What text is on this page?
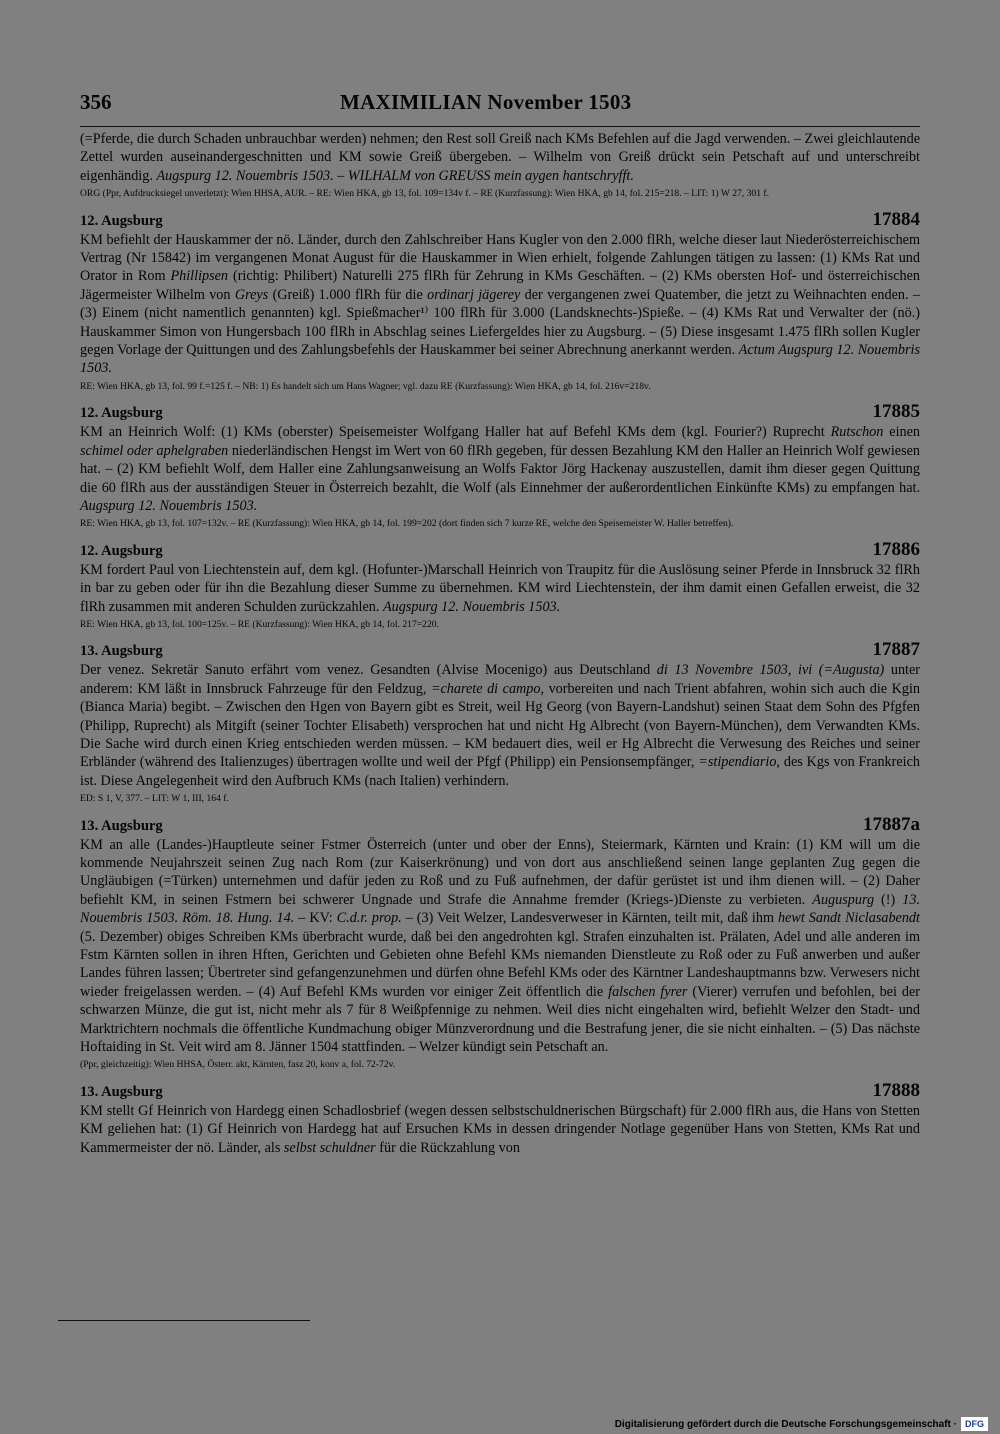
356	MAXIMILIAN November 1503

(=Pferde, die durch Schaden unbrauchbar werden) nehmen; den Rest soll Greiß nach KMs Befehlen auf die Jagd verwenden. – Zwei gleichlautende Zettel wurden auseinandergeschnitten und KM sowie Greiß übergeben. – Wilhelm von Greiß drückt sein Petschaft auf und unterschreibt eigenhändig. Augspurg 12. Nouembris 1503. – WILHALM von GREUSS mein aygen hantschryfft.

ORG (Ppr, Aufdrucksiegel unverletzt): Wien HHSA, AUR. – RE: Wien HKA, gb 13, fol. 109=134v f. – RE (Kurzfassung): Wien HKA, gb 14, fol. 215=218. – LIT: 1) W 27, 301 f.

12. Augsburg	17884

KM befiehlt der Hauskammer der nö. Länder, durch den Zahlschreiber Hans Kugler von den 2.000 flRh, welche dieser laut Niederösterreichischem Vertrag (Nr 15842) im vergangenen Monat August für die Hauskammer in Wien erhielt, folgende Zahlungen tätigen zu lassen: (1) KMs Rat und Orator in Rom Phillipsen (richtig: Philibert) Naturelli 275 flRh für Zehrung in KMs Geschäften. – (2) KMs obersten Hof- und österreichischen Jägermeister Wilhelm von Greys (Greiß) 1.000 flRh für die ordinarj jägerey der vergangenen zwei Quatember, die jetzt zu Weihnachten enden. – (3) Einem (nicht namentlich genannten) kgl. Spießmacher¹⁾ 100 flRh für 3.000 (Landsknechts-)Spieße. – (4) KMs Rat und Verwalter der (nö.) Hauskammer Simon von Hungersbach 100 flRh in Abschlag seines Liefergeldes hier zu Augsburg. – (5) Diese insgesamt 1.475 flRh sollen Kugler gegen Vorlage der Quittungen und des Zahlungsbefehls der Hauskammer bei seiner Abrechnung anerkannt werden. Actum Augspurg 12. Nouembris 1503.

RE: Wien HKA, gb 13, fol. 99 f.=125 f. – NB: 1) Es handelt sich um Hans Wagner; vgl. dazu RE (Kurzfassung): Wien HKA, gb 14, fol. 216v=218v.

12. Augsburg	17885

KM an Heinrich Wolf: (1) KMs (oberster) Speisemeister Wolfgang Haller hat auf Befehl KMs dem (kgl. Fourier?) Ruprecht Rutschon einen schimel oder aphelgraben niederländischen Hengst im Wert von 60 flRh gegeben, für dessen Bezahlung KM den Haller an Heinrich Wolf gewiesen hat. – (2) KM befiehlt Wolf, dem Haller eine Zahlungsanweisung an Wolfs Faktor Jörg Hackenay auszustellen, damit ihm dieser gegen Quittung die 60 flRh aus der ausständigen Steuer in Österreich bezahlt, die Wolf (als Einnehmer der außerordentlichen Einkünfte KMs) zu empfangen hat. Augspurg 12. Nouembris 1503.

RE: Wien HKA, gb 13, fol. 107=132v. – RE (Kurzfassung): Wien HKA, gb 14, fol. 199=202 (dort finden sich 7 kurze RE, welche den Speisemeister W. Haller betreffen).

12. Augsburg	17886

KM fordert Paul von Liechtenstein auf, dem kgl. (Hofunter-)Marschall Heinrich von Traupitz für die Auslösung seiner Pferde in Innsbruck 32 flRh in bar zu geben oder für ihn die Bezahlung dieser Summe zu übernehmen. KM wird Liechtenstein, der ihm damit einen Gefallen erweist, die 32 flRh zusammen mit anderen Schulden zurückzahlen. Augspurg 12. Nouembris 1503.

RE: Wien HKA, gb 13, fol. 100=125v. – RE (Kurzfassung): Wien HKA, gb 14, fol. 217=220.

13. Augsburg	17887

Der venez. Sekretär Sanuto erfährt vom venez. Gesandten (Alvise Mocenigo) aus Deutschland di 13 Novembre 1503, ivi (=Augusta) unter anderem: KM läßt in Innsbruck Fahrzeuge für den Feldzug, =charete di campo, vorbereiten und nach Trient abfahren, wohin sich auch die Kgin (Bianca Maria) begibt. – Zwischen den Hgen von Bayern gibt es Streit, weil Hg Georg (von Bayern-Landshut) seinen Staat dem Sohn des Pfgfen (Philipp, Ruprecht) als Mitgift (seiner Tochter Elisabeth) versprochen hat und nicht Hg Albrecht (von Bayern-München), dem Verwandten KMs. Die Sache wird durch einen Krieg entschieden werden müssen. – KM bedauert dies, weil er Hg Albrecht die Verwesung des Reiches und seiner Erbländer (während des Italienzuges) übertragen wollte und weil der Pfgf (Philipp) ein Pensionsempfänger, =stipendiario, des Kgs von Frankreich ist. Diese Angelegenheit wird den Aufbruch KMs (nach Italien) verhindern.

ED: S 1, V, 377. – LIT: W 1, III, 164 f.

13. Augsburg	17887a

KM an alle (Landes-)Hauptleute seiner Fstmer Österreich (unter und ober der Enns), Steiermark, Kärnten und Krain: (1) KM will um die kommende Neujahrszeit seinen Zug nach Rom (zur Kaiserkrönung) und von dort aus anschließend seinen lange geplanten Zug gegen die Ungläubigen (=Türken) unternehmen und dafür jeden zu Roß und zu Fuß aufnehmen, der dafür gerüstet ist und ihm dienen will. – (2) Daher befiehlt KM, in seinen Fstmern bei schwerer Ungnade und Strafe die Annahme fremder (Kriegs-)Dienste zu verbieten. Auguspurg (!) 13. Nouembris 1503. Röm. 18. Hung. 14. – KV: C.d.r. prop. – (3) Veit Welzer, Landesverweser in Kärnten, teilt mit, daß ihm hewt Sandt Niclasabendt (5. Dezember) obiges Schreiben KMs überbracht wurde, daß bei den angedrohten kgl. Strafen einzuhalten ist. Prälaten, Adel und alle anderen im Fstm Kärnten sollen in ihren Hften, Gerichten und Gebieten ohne Befehl KMs niemanden Dienstleute zu Roß oder zu Fuß anwerben und außer Landes führen lassen; Übertreter sind gefangenzunehmen und dürfen ohne Befehl KMs oder des Kärntner Landeshauptmanns bzw. Verwesers nicht wieder freigelassen werden. – (4) Auf Befehl KMs wurden vor einiger Zeit öffentlich die falschen fyrer (Vierer) verrufen und befohlen, bei der schwarzen Münze, die gut ist, nicht mehr als 7 für 8 Weißpfennige zu nehmen. Weil dies nicht eingehalten wird, befiehlt Welzer den Stadt- und Marktrichtern nochmals die öffentliche Kundmachung obiger Münzverordnung und die Bestrafung jener, die sie nicht einhalten. – (5) Das nächste Hoftaiding in St. Veit wird am 8. Jänner 1504 stattfinden. – Welzer kündigt sein Petschaft an.

(Ppr, gleichzeitig): Wien HHSA, Österr. akt, Kärnten, fasz 20, konv a, fol. 72-72v.

13. Augsburg	17888

KM stellt Gf Heinrich von Hardegg einen Schadlosbrief (wegen dessen selbstschuldnerischen Bürgschaft) für 2.000 flRh aus, die Hans von Stetten KM geliehen hat: (1) Gf Heinrich von Hardegg hat auf Ersuchen KMs in dessen dringender Notlage gegenüber Hans von Stetten, KMs Rat und Kammermeister der nö. Länder, als selbst schuldner für die Rückzahlung von

Digitalisierung gefördert durch die Deutsche Forschungsgemeinschaft · DFG
